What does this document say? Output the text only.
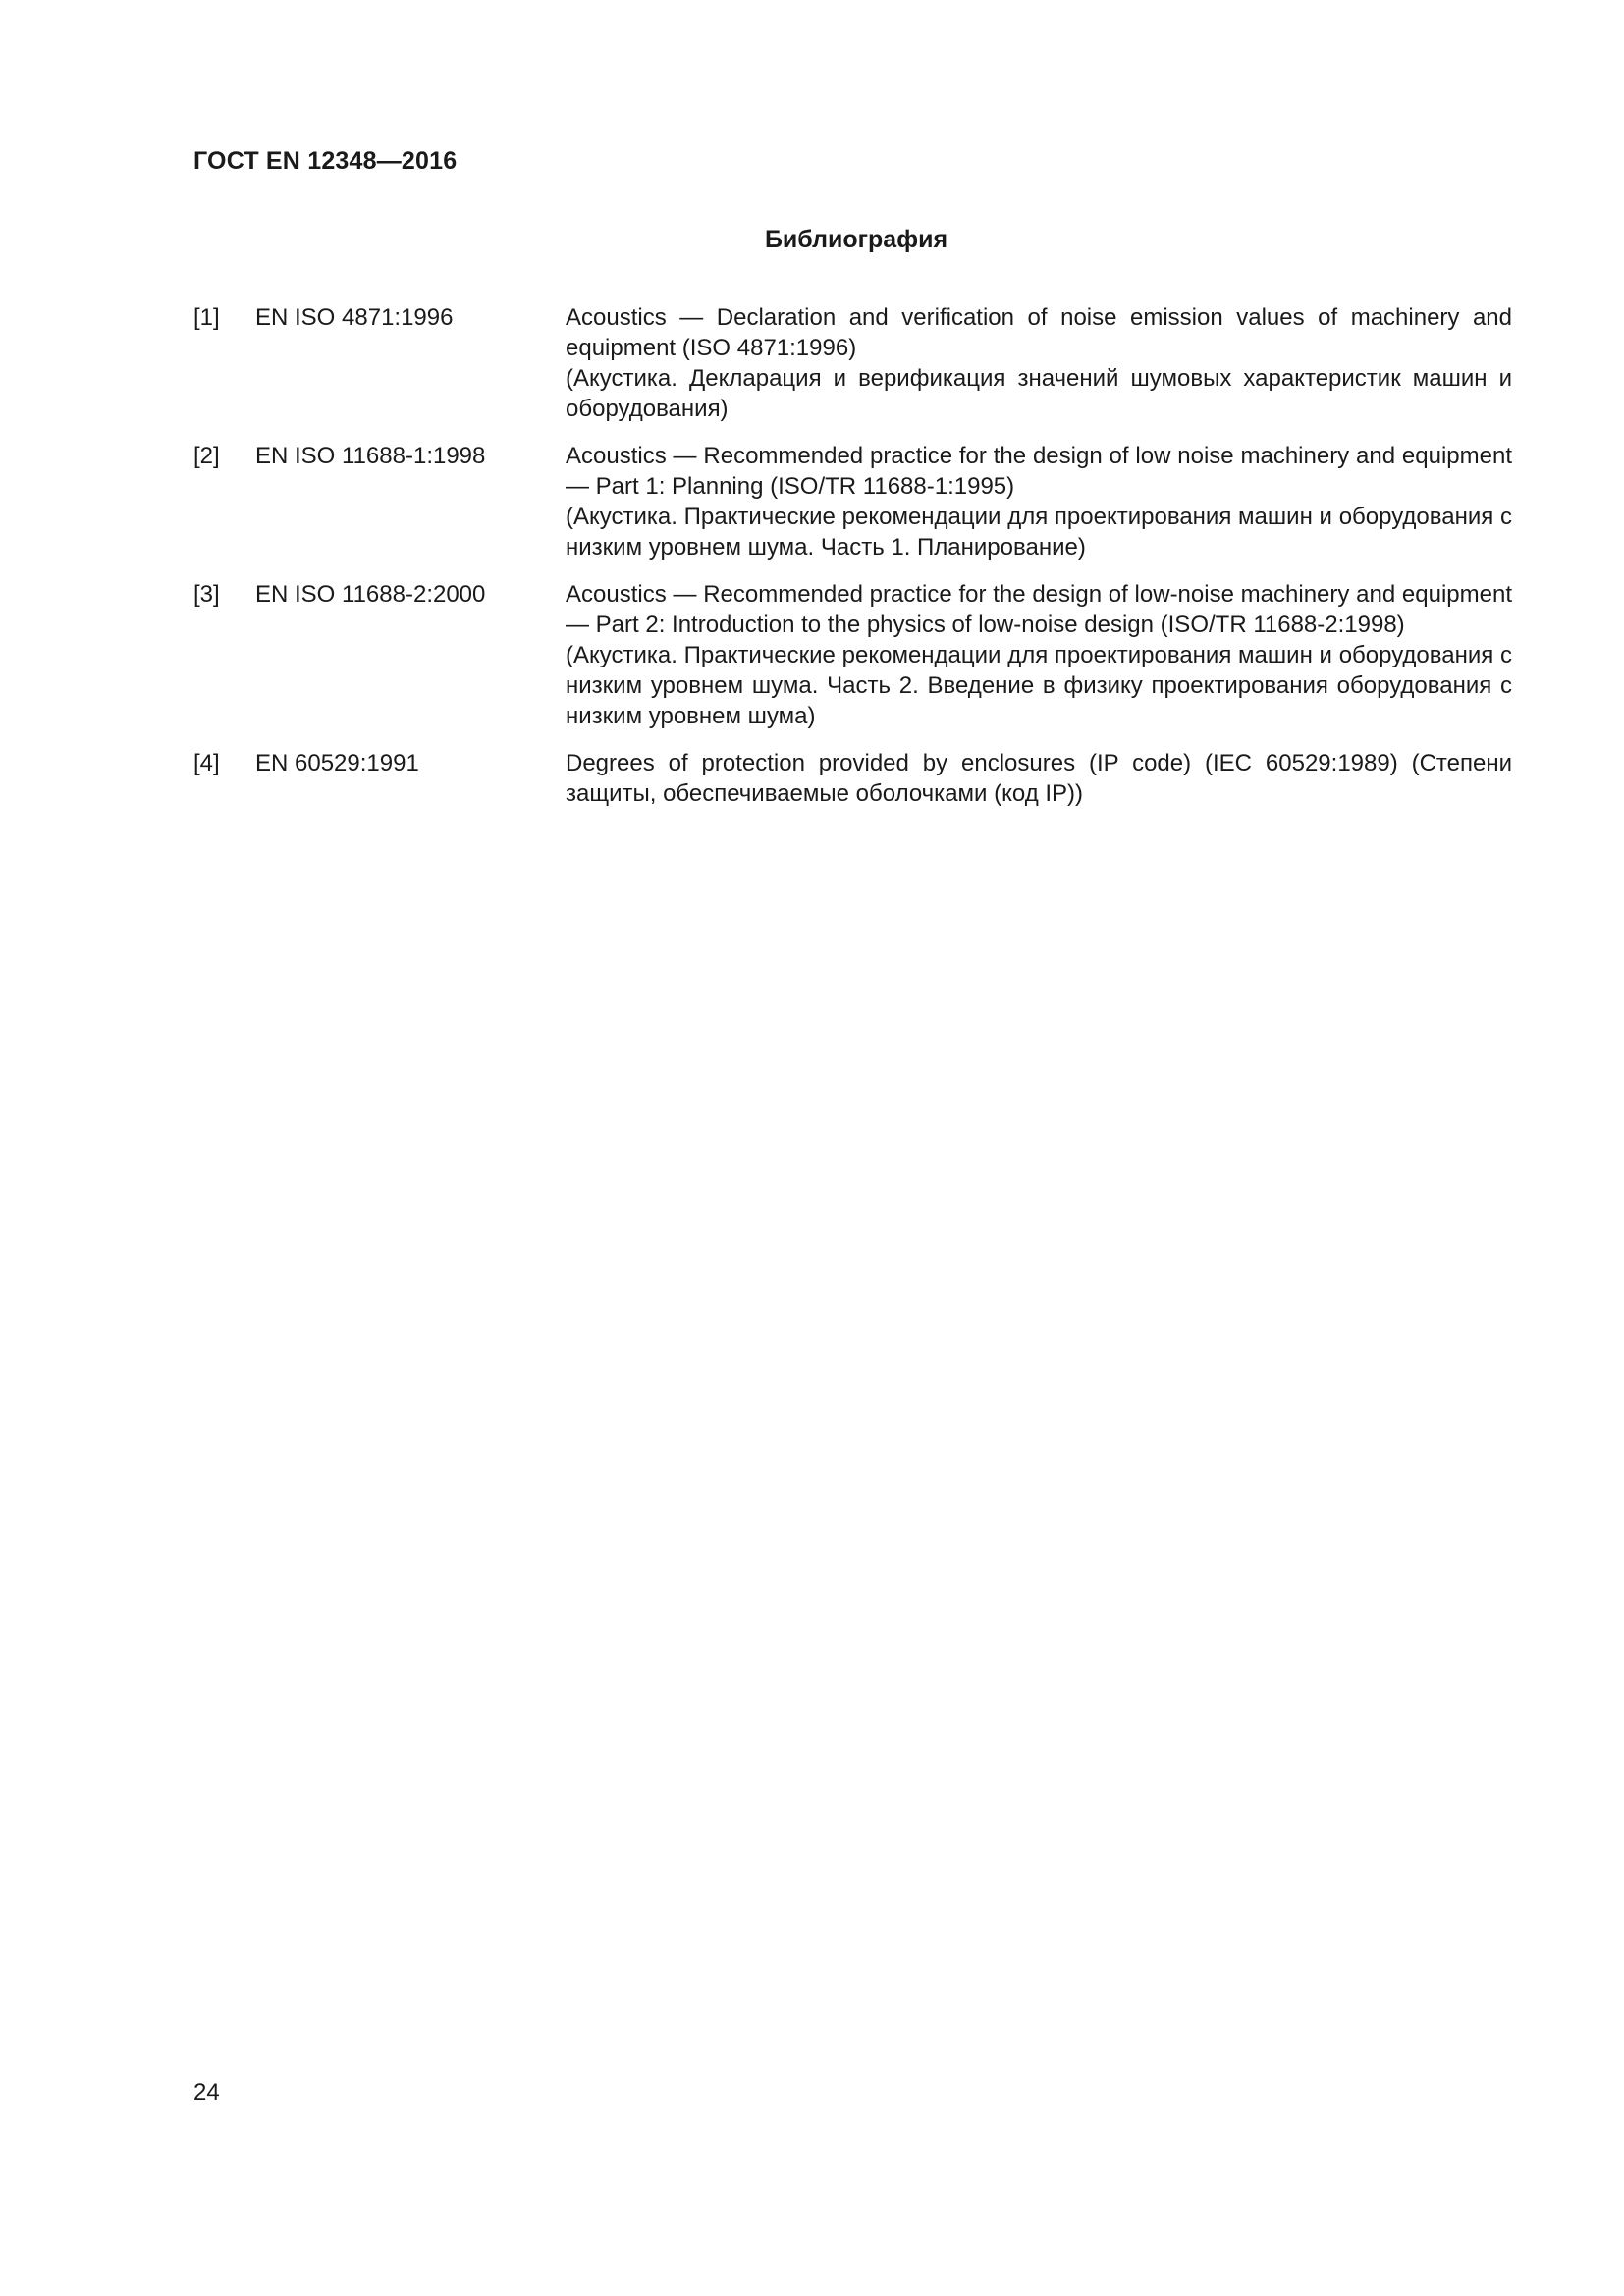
ГОСТ EN 12348—2016
Библиография
[1]	EN ISO 4871:1996	Acoustics — Declaration and verification of noise emission values of machinery and equipment (ISO 4871:1996)

(Акустика. Декларация и верификация значений шумовых характеристик машин и оборудования)

[2]	EN ISO 11688-1:1998	Acoustics — Recommended practice for the design of low noise machinery and equipment — Part 1: Planning (ISO/TR 11688-1:1995)

(Акустика. Практические рекомендации для проектирования машин и оборудования с низким уровнем шума. Часть 1. Планирование)

[3]	EN ISO 11688-2:2000	Acoustics — Recommended practice for the design of low-noise machinery and equipment — Part 2: Introduction to the physics of low-noise design (ISO/TR 11688-2:1998)

(Акустика. Практические рекомендации для проектирования машин и оборудования с низким уровнем шума. Часть 2. Введение в физику проектирования оборудования с низким уровнем шума)

[4]	EN 60529:1991	Degrees of protection provided by enclosures (IP code) (IEC 60529:1989) (Степени защиты, обеспечиваемые оболочками (код IP))

24
